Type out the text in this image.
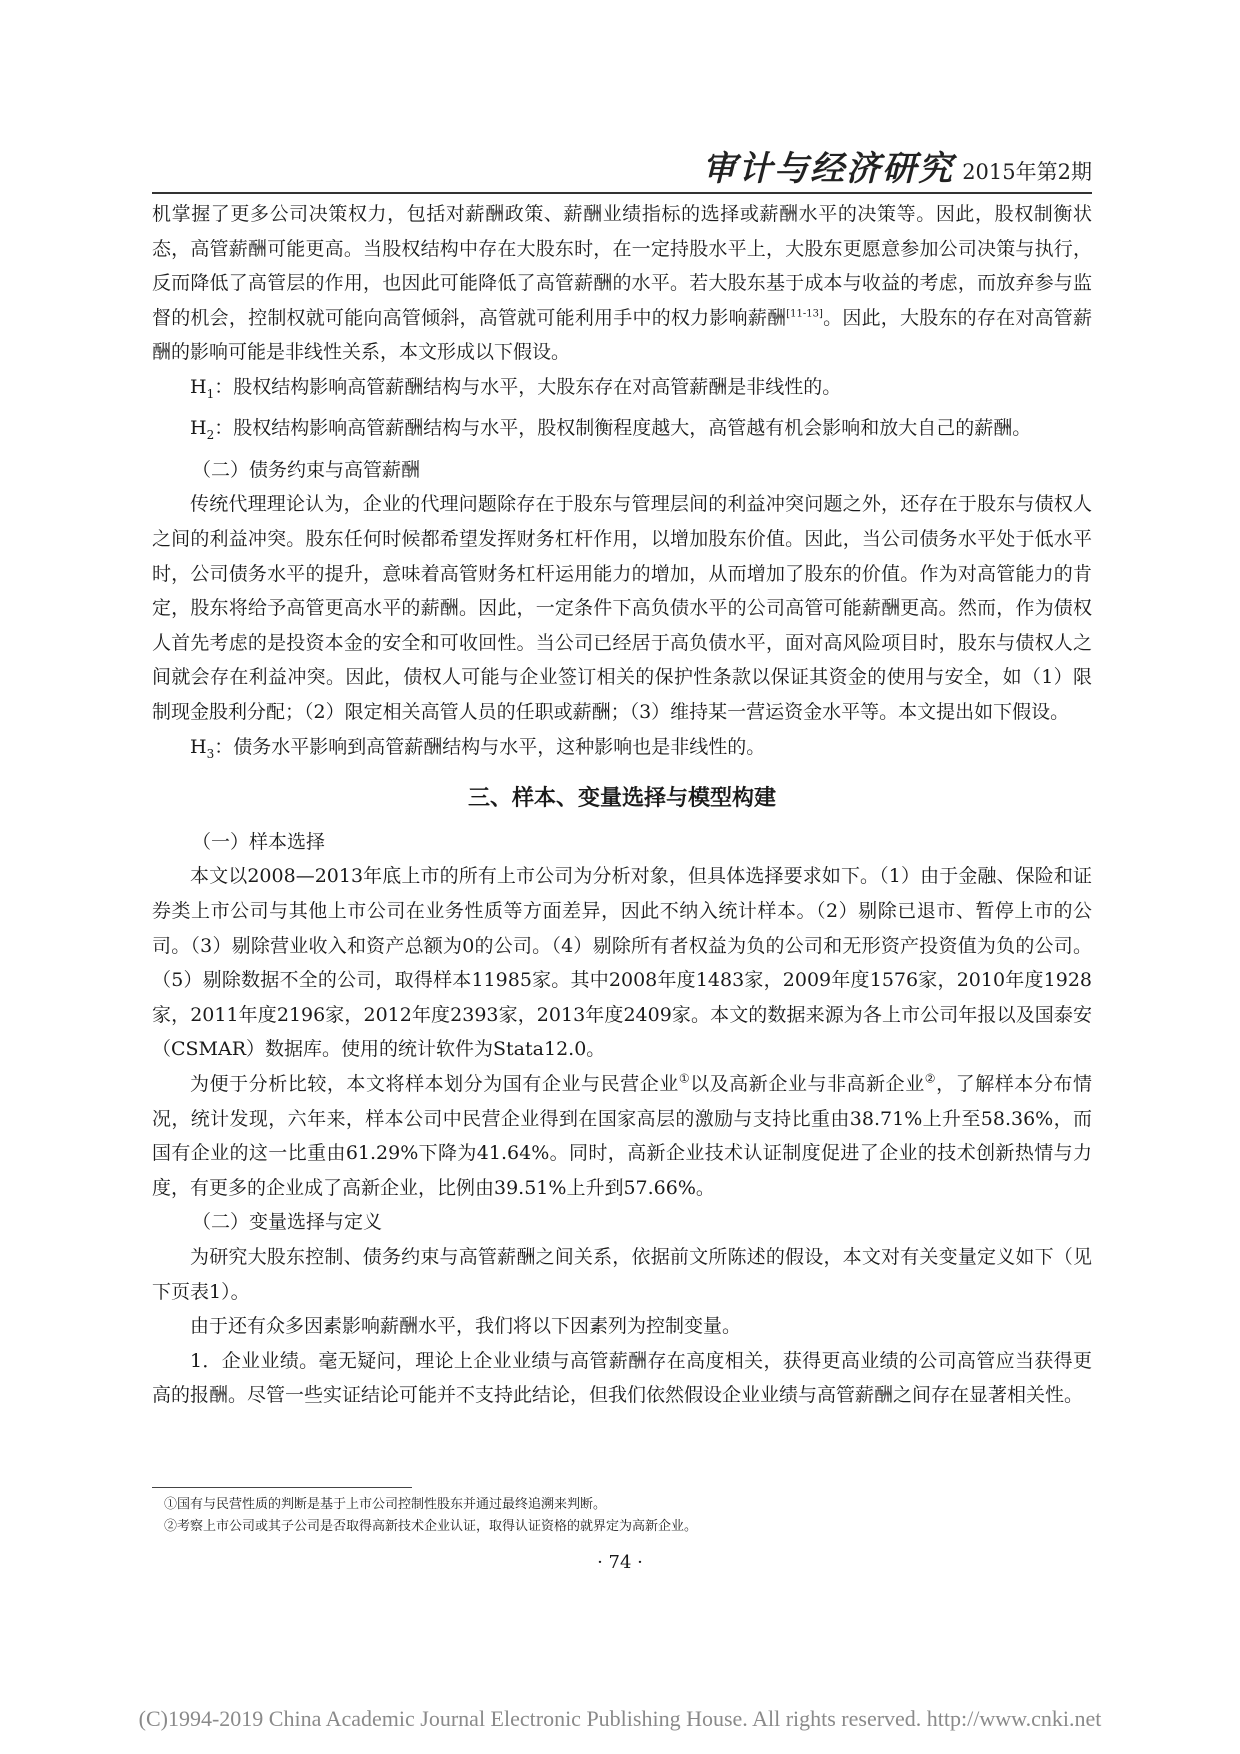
审计与经济研究 2015年第2期

机掌握了更多公司决策权力，包括对薪酬政策、薪酬业绩指标的选择或薪酬水平的决策等。因此，股权制衡状态，高管薪酬可能更高。当股权结构中存在大股东时，在一定持股水平上，大股东更愿意参加公司决策与执行，反而降低了高管层的作用，也因此可能降低了高管薪酬的水平。若大股东基于成本与收益的考虑，而放弃参与监督的机会，控制权就可能向高管倾斜，高管就可能利用手中的权力影响薪酬[11-13]。因此，大股东的存在对高管薪酬的影响可能是非线性关系，本文形成以下假设。

$H_1$：股权结构影响高管薪酬结构与水平，大股东存在对高管薪酬是非线性的。

$H_2$：股权结构影响高管薪酬结构与水平，股权制衡程度越大，高管越有机会影响和放大自己的薪酬。

（二）债务约束与高管薪酬

传统代理理论认为，企业的代理问题除存在于股东与管理层间的利益冲突问题之外，还存在于股东与债权人之间的利益冲突。股东任何时候都希望发挥财务杠杆作用，以增加股东价值。因此，当公司债务水平处于低水平时，公司债务水平的提升，意味着高管财务杠杆运用能力的增加，从而增加了股东的价值。作为对高管能力的肯定，股东将给予高管更高水平的薪酬。因此，一定条件下高负债水平的公司高管可能薪酬更高。然而，作为债权人首先考虑的是投资本金的安全和可收回性。当公司已经居于高负债水平，面对高风险项目时，股东与债权人之间就会存在利益冲突。因此，债权人可能与企业签订相关的保护性条款以保证其资金的使用与安全，如（1）限制现金股利分配；（2）限定相关高管人员的任职或薪酬；（3）维持某一营运资金水平等。本文提出如下假设。

$H_3$：债务水平影响到高管薪酬结构与水平，这种影响也是非线性的。

三、样本、变量选择与模型构建

（一）样本选择

本文以2008—2013年底上市的所有上市公司为分析对象，但具体选择要求如下。（1）由于金融、保险和证券类上市公司与其他上市公司在业务性质等方面差异，因此不纳入统计样本。（2）剔除已退市、暂停上市的公司。（3）剔除营业收入和资产总额为0的公司。（4）剔除所有者权益为负的公司和无形资产投资值为负的公司。（5）剔除数据不全的公司，取得样本11985家。其中2008年度1483家，2009年度1576家，2010年度1928家，2011年度2196家，2012年度2393家，2013年度2409家。本文的数据来源为各上市公司年报以及国泰安（CSMAR）数据库。使用的统计软件为Stata12.0。

为便于分析比较，本文将样本划分为国有企业与民营企业①以及高新企业与非高新企业②，了解样本分布情况，统计发现，六年来，样本公司中民营企业得到在国家高层的激励与支持比重由38.71%上升至58.36%，而国有企业的这一比重由61.29%下降为41.64%。同时，高新企业技术认证制度促进了企业的技术创新热情与力度，有更多的企业成了高新企业，比例由39.51%上升到57.66%。

（二）变量选择与定义

为研究大股东控制、债务约束与高管薪酬之间关系，依据前文所陈述的假设，本文对有关变量定义如下（见下页表1）。

由于还有众多因素影响薪酬水平，我们将以下因素列为控制变量。

1．企业业绩。毫无疑问，理论上企业业绩与高管薪酬存在高度相关，获得更高业绩的公司高管应当获得更高的报酬。尽管一些实证结论可能并不支持此结论，但我们依然假设企业业绩与高管薪酬之间存在显著相关性。

①国有与民营性质的判断是基于上市公司控制性股东并通过最终追溯来判断。

②考察上市公司或其子公司是否取得高新技术企业认证，取得认证资格的就界定为高新企业。

· 74 ·
(C)1994-2019 China Academic Journal Electronic Publishing House. All rights reserved. http://www.cnki.net
